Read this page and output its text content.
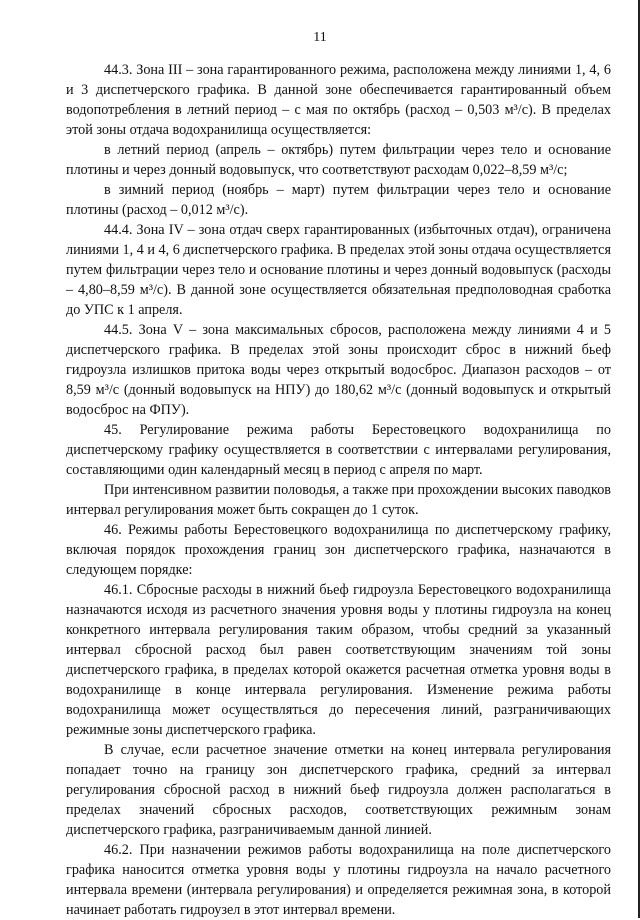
11

44.3. Зона III – зона гарантированного режима, расположена между линиями 1, 4, 6 и 3 диспетчерского графика. В данной зоне обеспечивается гарантированный объем водопотребления в летний период – с мая по октябрь (расход – 0,503 м³/с). В пределах этой зоны отдача водохранилища осуществляется:

в летний период (апрель – октябрь) путем фильтрации через тело и основание плотины и через донный водовыпуск, что соответствуют расходам 0,022–8,59 м³/с;

в зимний период (ноябрь – март) путем фильтрации через тело и основание плотины (расход – 0,012 м³/с).

44.4. Зона IV – зона отдач сверх гарантированных (избыточных отдач), ограничена линиями 1, 4 и 4, 6 диспетчерского графика. В пределах этой зоны отдача осуществляется путем фильтрации через тело и основание плотины и через донный водовыпуск (расходы – 4,80–8,59 м³/с). В данной зоне осуществляется обязательная предполоводная сработка до УПС к 1 апреля.

44.5. Зона V – зона максимальных сбросов, расположена между линиями 4 и 5 диспетчерского графика. В пределах этой зоны происходит сброс в нижний бьеф гидроузла излишков притока воды через открытый водосброс. Диапазон расходов – от 8,59 м³/с (донный водовыпуск на НПУ) до 180,62 м³/с (донный водовыпуск и открытый водосброс на ФПУ).

45. Регулирование режима работы Берестовецкого водохранилища по диспетчерскому графику осуществляется в соответствии с интервалами регулирования, составляющими один календарный месяц в период с апреля по март.

При интенсивном развитии половодья, а также при прохождении высоких паводков интервал регулирования может быть сокращен до 1 суток.

46. Режимы работы Берестовецкого водохранилища по диспетчерскому графику, включая порядок прохождения границ зон диспетчерского графика, назначаются в следующем порядке:

46.1. Сбросные расходы в нижний бьеф гидроузла Берестовецкого водохранилища назначаются исходя из расчетного значения уровня воды у плотины гидроузла на конец конкретного интервала регулирования таким образом, чтобы средний за указанный интервал сбросной расход был равен соответствующим значениям той зоны диспетчерского графика, в пределах которой окажется расчетная отметка уровня воды в водохранилище в конце интервала регулирования. Изменение режима работы водохранилища может осуществляться до пересечения линий, разграничивающих режимные зоны диспетчерского графика.

В случае, если расчетное значение отметки на конец интервала регулирования попадает точно на границу зон диспетчерского графика, средний за интервал регулирования сбросной расход в нижний бьеф гидроузла должен располагаться в пределах значений сбросных расходов, соответствующих режимным зонам диспетчерского графика, разграничиваемым данной линией.

46.2. При назначении режимов работы водохранилища на поле диспетчерского графика наносится отметка уровня воды у плотины гидроузла на начало расчетного интервала времени (интервала регулирования) и определяется режимная зона, в которой начинает работать гидроузел в этот интервал времени.
